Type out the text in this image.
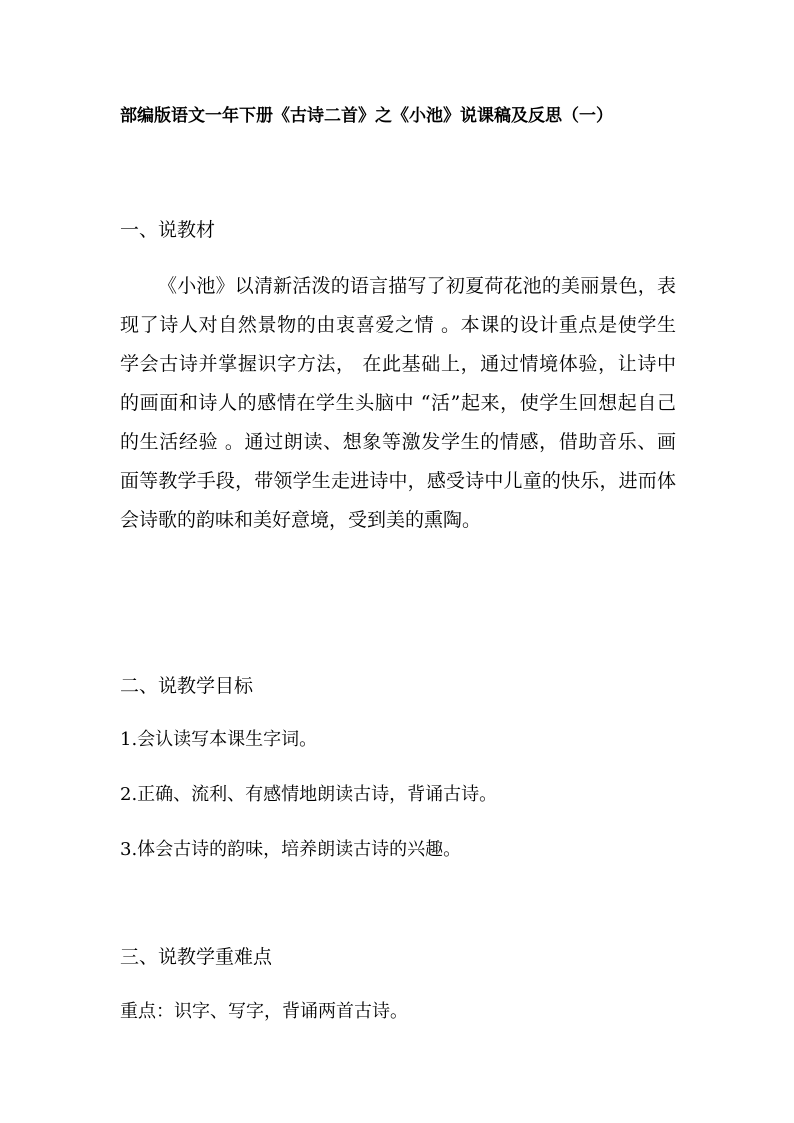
部编版语文一年下册《古诗二首》之《小池》说课稿及反思（一）
一、说教材
《小池》以清新活泼的语言描写了初夏荷花池的美丽景色，表现了诗人对自然景物的由衷喜爱之情 。本课的设计重点是使学生学会古诗并掌握识字方法， 在此基础上，通过情境体验，让诗中的画面和诗人的感情在学生头脑中 “活”起来，使学生回想起自己的生活经验 。通过朗读、想象等激发学生的情感，借助音乐、画面等教学手段，带领学生走进诗中，感受诗中儿童的快乐，进而体会诗歌的韵味和美好意境，受到美的熏陶。
二、说教学目标
1.会认读写本课生字词。
2.正确、流利、有感情地朗读古诗，背诵古诗。
3.体会古诗的韵味，培养朗读古诗的兴趣。
三、说教学重难点
重点：识字、写字，背诵两首古诗。
